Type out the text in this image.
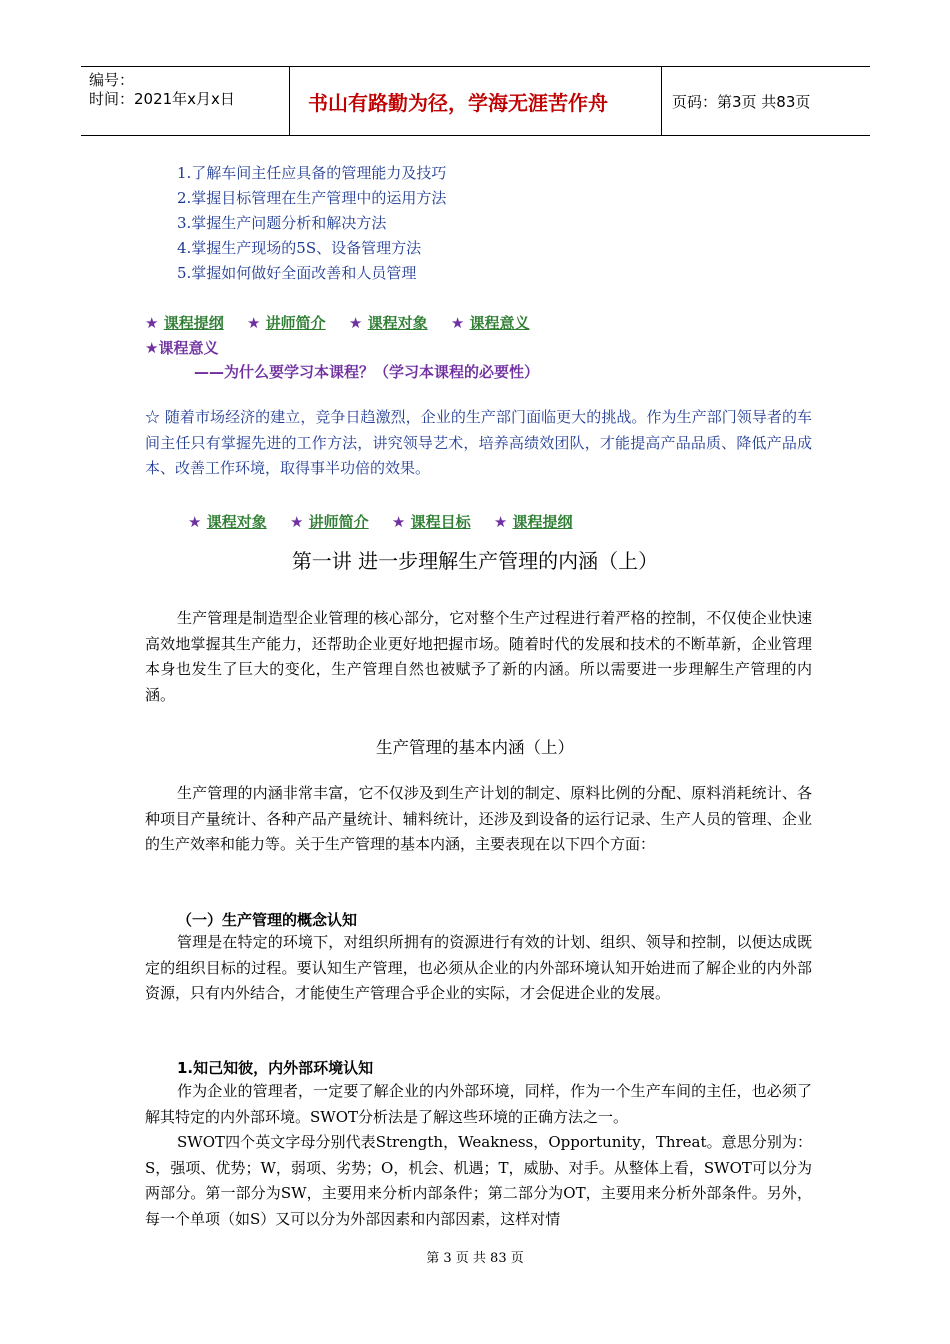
编号：
时间：2021年x月x日	书山有路勤为径，学海无涯苦作舟	页码：第3页 共83页
1.了解车间主任应具备的管理能力及技巧
2.掌握目标管理在生产管理中的运用方法
3.掌握生产问题分析和解决方法
4.掌握生产现场的5S、设备管理方法
5.掌握如何做好全面改善和人员管理
★ 课程提纲 ★ 讲师简介 ★ 课程对象 ★ 课程意义
★课程意义
——为什么要学习本课程？（学习本课程的必要性）
☆ 随着市场经济的建立，竞争日趋激烈，企业的生产部门面临更大的挑战。作为生产部门领导者的车间主任只有掌握先进的工作方法，讲究领导艺术，培养高绩效团队，才能提高产品品质、降低产品成本、改善工作环境，取得事半功倍的效果。
★ 课程对象 ★ 讲师简介 ★ 课程目标 ★ 课程提纲
第一讲 进一步理解生产管理的内涵（上）
生产管理是制造型企业管理的核心部分，它对整个生产过程进行着严格的控制，不仅使企业快速高效地掌握其生产能力，还帮助企业更好地把握市场。随着时代的发展和技术的不断革新，企业管理本身也发生了巨大的变化，生产管理自然也被赋予了新的内涵。所以需要进一步理解生产管理的内涵。
生产管理的基本内涵（上）
生产管理的内涵非常丰富，它不仅涉及到生产计划的制定、原料比例的分配、原料消耗统计、各种项目产量统计、各种产品产量统计、辅料统计，还涉及到设备的运行记录、生产人员的管理、企业的生产效率和能力等。关于生产管理的基本内涵，主要表现在以下四个方面：
（一）生产管理的概念认知
管理是在特定的环境下，对组织所拥有的资源进行有效的计划、组织、领导和控制，以便达成既定的组织目标的过程。要认知生产管理，也必须从企业的内外部环境认知开始进而了解企业的内外部资源，只有内外结合，才能使生产管理合乎企业的实际，才会促进企业的发展。
1.知己知彼，内外部环境认知
作为企业的管理者，一定要了解企业的内外部环境，同样，作为一个生产车间的主任，也必须了解其特定的内外部环境。SWOT分析法是了解这些环境的正确方法之一。
SWOT四个英文字母分别代表Strength，Weakness，Opportunity，Threat。意思分别为：S，强项、优势；W，弱项、劣势；O，机会、机遇；T，威胁、对手。从整体上看，SWOT可以分为两部分。第一部分为SW，主要用来分析内部条件；第二部分为OT，主要用来分析外部条件。另外，每一个单项（如S）又可以分为外部因素和内部因素，这样对情
第 3 页 共 83 页
